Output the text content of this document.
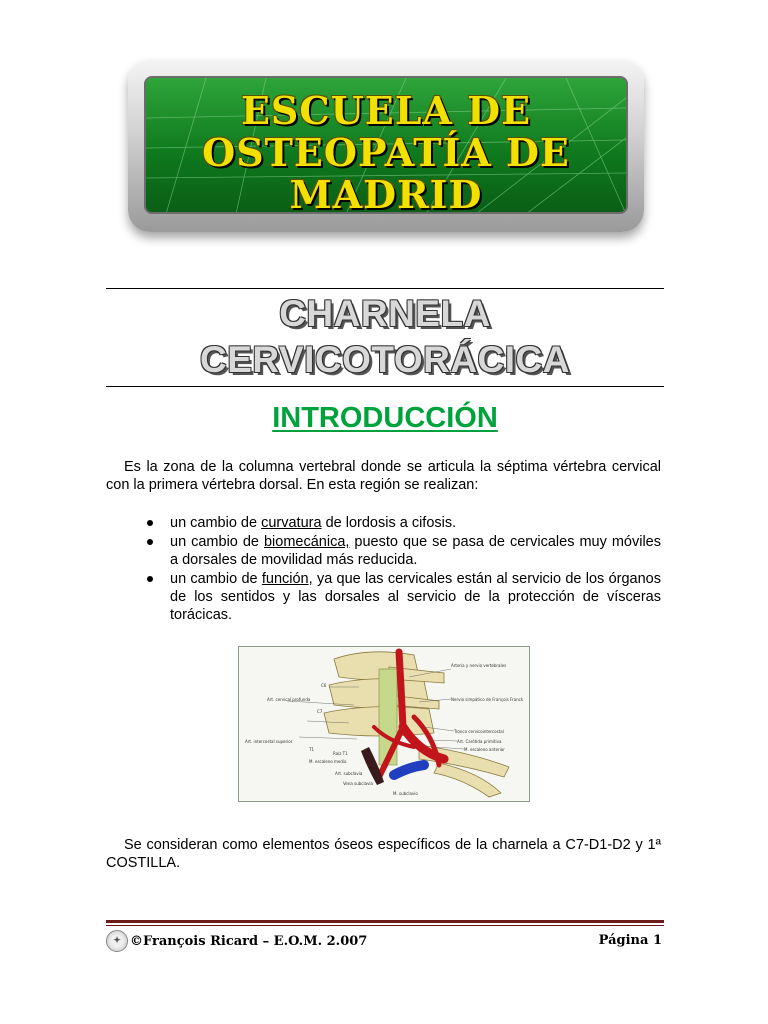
ESCUELA DE
OSTEOPATÍA DE
MADRID
CHARNELA
CERVICOTORÁCICA
INTRODUCCIÓN
Es la zona de la columna vertebral donde se articula la séptima vértebra cervical con la primera vértebra dorsal. En esta región se realizan:
un cambio de curvatura de lordosis a cifosis.
un cambio de biomecánica, puesto que se pasa de cervicales muy móviles a dorsales de movilidad más reducida.
un cambio de función, ya que las cervicales están al servicio de los órganos de los sentidos y las dorsales al servicio de la protección de vísceras torácicas.
C6
Art. cervical profunda
C7
Art. intercostal superior
T1
Raíz T1
M. escaleno medio
Art. subclavia
Vena subclavia
M. subclavio
Arteria y nervio vertebrales
Nervio simpático de François Franck
Tronco cervicointercostal
Art. Carótida primitiva
M. escaleno anterior
Se consideran como elementos óseos específicos de la charnela a C7-D1-D2 y 1ª COSTILLA.
✦ ©François Ricard – E.O.M. 2.007	Página 1
